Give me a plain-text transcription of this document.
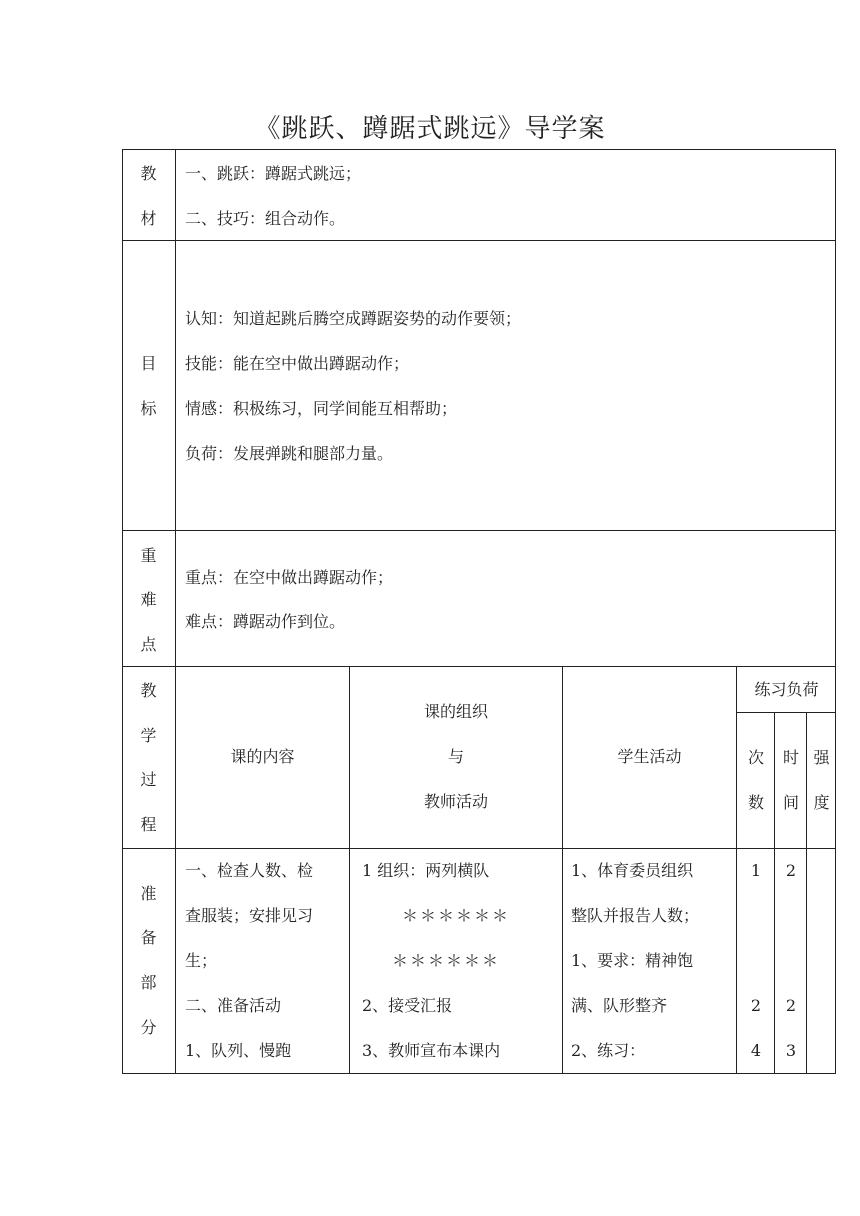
《跳跃、蹲踞式跳远》导学案
教
材
一、跳跃：蹲踞式跳远；
二、技巧：组合动作。
目
标
认知：知道起跳后腾空成蹲踞姿势的动作要领；
技能：能在空中做出蹲踞动作；
情感：积极练习，同学间能互相帮助；
负荷：发展弹跳和腿部力量。
重
难
点
重点：在空中做出蹲踞动作；
难点：蹲踞动作到位。
教
学
过
程
课的内容
课的组织
与
教师活动
学生活动
练习负荷
次
数
时
间
强
度
准
备
部
分
一、检查人数、检
查服装；安排见习
生；
二、准备活动
1、队列、慢跑
1 组织：两列横队
＊＊＊＊＊＊
＊＊＊＊＊＊
2、接受汇报
3、教师宣布本课内
1、体育委员组织
整队并报告人数；
1、要求：精神饱
满、队形整齐
2、练习：
1
2
4
2
2
3
